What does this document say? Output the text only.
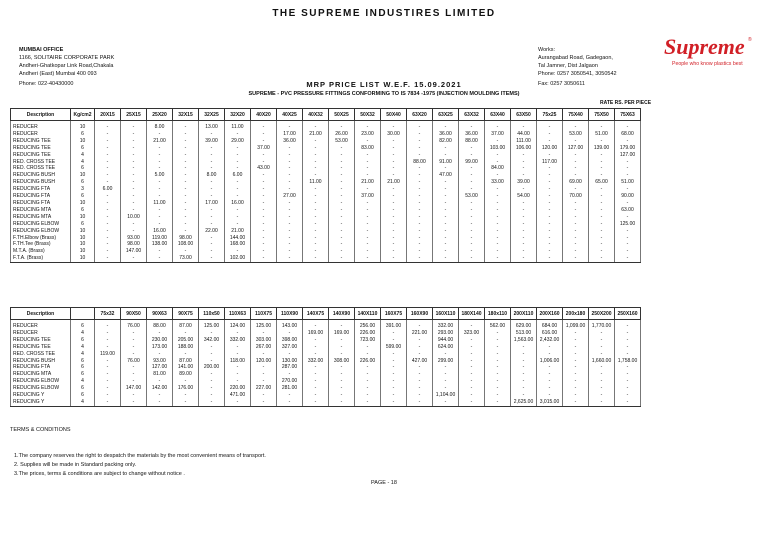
THE SUPREME INDUSTIRES LIMITED
MUMBAI OFFICE
1166, SOLITAIRE CORPORATE PARK
Andheri-Ghatkopar Link Road,Chakala
Andheri (East) Mumbai 400 093
Phone: 022-40430000
Works:
Aurangabad Road, Gadegaon,
Tal Jamner, Dist Jalgaon
Phone: 0257 3050541, 3050542
Fax: 0257 3050611
Supreme ®
People who know plastics best
MRP PRICE LIST W.E.F. 15.09.2021
SUPREME - PVC PRESSURE FITTINGS CONFORMING TO IS 7834 -1975 (INJECTION MOULDING ITEMS)
RATE RS. PER PIECE
Description	Kg/cm2	20X15	25X15	25X20	32X15	32X25	32X20	40X20	40X25	40X32	50X25	50X32	50X40	63X20	63X25	63X32	63X40	63X50	75x25	75X40	75X50	75X63
REDUCER	10	-	-	8.00	-	13.00	11.00	-	-	-	-	-	-	-	-	-	-	-	-	-	-	-
REDUCER	6	-	-	-	-	-	-	-	17.00	21.00	26.00	23.00	30.00	-	36.00	36.00	37.00	44.00	-	53.00	51.00	68.00
REDUCING TEE	10	-	-	21.00	-	39.00	29.00	-	36.00	-	53.00	-	-	-	82.00	88.00	-	111.00	-	-	-	-
REDUCING TEE	6	-	-	-	-	-	-	37.00	-	-	-	83.00	-	-	-	-	103.00	106.00	120.00	127.00	139.00	179.00
REDUCING TEE	4	-	-	-	-	-	-	-	-	-	-	-	-	-	-	-	-	-	-	-	-	127.00
RED. CROSS TEE	4	-	-	-	-	-	-	-	-	-	-	-	-	88.00	91.00	99.00	-	-	117.00	-	-	-
RED. CROSS TEE	6	-	-	-	-	-	-	43.00	-	-	-	-	-	-	-	-	84.00	-	-	-	-	-
REDUCING BUSH	10	-	-	5.00	-	8.00	6.00	-	-	-	-	-	-	-	47.00	-	-	-	-	-	-	-
REDUCING BUSH	6	-	-	-	-	-	-	-	-	11.00	-	21.00	21.00	-	-	-	33.00	39.00	-	69.00	65.00	51.00
REDUCING FTA	3	6.00	-	-	-	-	-	-	-	-	-	-	-	-	-	-	-	-	-	-	-	-
REDUCING FTA	6	-	-	-	-	-	-	-	27.00	-	-	37.00	-	-	-	53.00	-	54.00	-	70.00	-	90.00
REDUCING FTA	10	-	-	11.00	-	17.00	16.00	-	-	-	-	-	-	-	-	-	-	-	-	-	-	-
REDUCING MTA	6	-	-	-	-	-	-	-	-	-	-	-	-	-	-	-	-	-	-	-	-	63.00
REDUCING MTA	10	-	10.00	-	-	-	-	-	-	-	-	-	-	-	-	-	-	-	-	-	-	-
REDUCING ELBOW	6	-	-	-	-	-	-	-	-	-	-	-	-	-	-	-	-	-	-	-	-	125.00
REDUCING ELBOW	10	-	-	16.00	-	22.00	21.00	-	-	-	-	-	-	-	-	-	-	-	-	-	-	-
F.TH.Elbow (Brass)	10	-	93.00	119.00	98.00	-	144.00	-	-	-	-	-	-	-	-	-	-	-	-	-	-	-
F.TH.Tee (Brass)	10	-	98.00	138.00	108.00	-	168.00	-	-	-	-	-	-	-	-	-	-	-	-	-	-	-
M.T.A. (Brass)	10	-	147.00	-	-	-	-	-	-	-	-	-	-	-	-	-	-	-	-	-	-	-
F.T.A. (Brass)	10	-	-	-	73.00	-	102.00	-	-	-	-	-	-	-	-	-	-	-	-	-	-	-
Description		75x32	90X50	90X63	90X75	110x50	110X63	110X75	110X90	140X75	140X90	140X110	160X75	160X90	160X110	180X140	180x110	200X110	200X160	200x180	250X200	250X160
REDUCER	6	-	76.00	88.00	87.00	125.00	124.00	125.00	143.00	-	-	256.00	391.00	-	332.00	-	562.00	629.00	684.00	1,099.00	1,770.00	-
REDUCER	4	-	-	-	-	-	-	-	-	169.00	169.00	226.00	-	221.00	293.00	323.00	-	513.00	616.00	-	-	-
REDUCING TEE	6	-	-	230.00	205.00	342.00	332.00	303.00	398.00	-	-	723.00	-	-	944.00	-	-	1,563.00	2,432.00	-	-	-
REDUCING TEE	4	-	-	173.00	188.00	-	-	267.00	327.00	-	-	-	599.00	-	624.00	-	-	-	-	-	-	-
RED. CROSS TEE	4	119.00	-	-	-	-	-	-	-	-	-	-	-	-	-	-	-	-	-	-	-	-
REDUCING BUSH	6	-	76.00	93.00	87.00	-	118.00	120.00	130.00	332.00	308.00	226.00	-	427.00	299.00	-	-	-	1,006.00	-	1,660.00	1,758.00
REDUCING FTA	6	-	-	127.00	141.00	200.00	-	-	287.00	-	-	-	-	-	-	-	-	-	-	-	-	-
REDUCING MTA	6	-	-	81.00	89.00	-	-	-	-	-	-	-	-	-	-	-	-	-	-	-	-	-
REDUCING ELBOW	4	-	-	-	-	-	-	-	270.00	-	-	-	-	-	-	-	-	-	-	-	-	-
REDUCING ELBOW	6	-	147.00	142.00	176.00	-	220.00	227.00	281.00	-	-	-	-	-	-	-	-	-	-	-	-	-
REDUCING Y	6	-	-	-	-	-	471.00	-	-	-	-	-	-	-	1,104.00	-	-	-	-	-	-	-
REDUCING Y	4	-	-	-	-	-	-	-	-	-	-	-	-	-	-	-	-	2,625.00	3,015.00	-	-	-
TERMS & CONDITIONS
1.The company reserves the right to despatch the materials by the most convenient means of transport.
2. Supplies will be made in Standard packing only.
3.The prices, terms & conditions are subject to change without notice .
PAGE - 18
